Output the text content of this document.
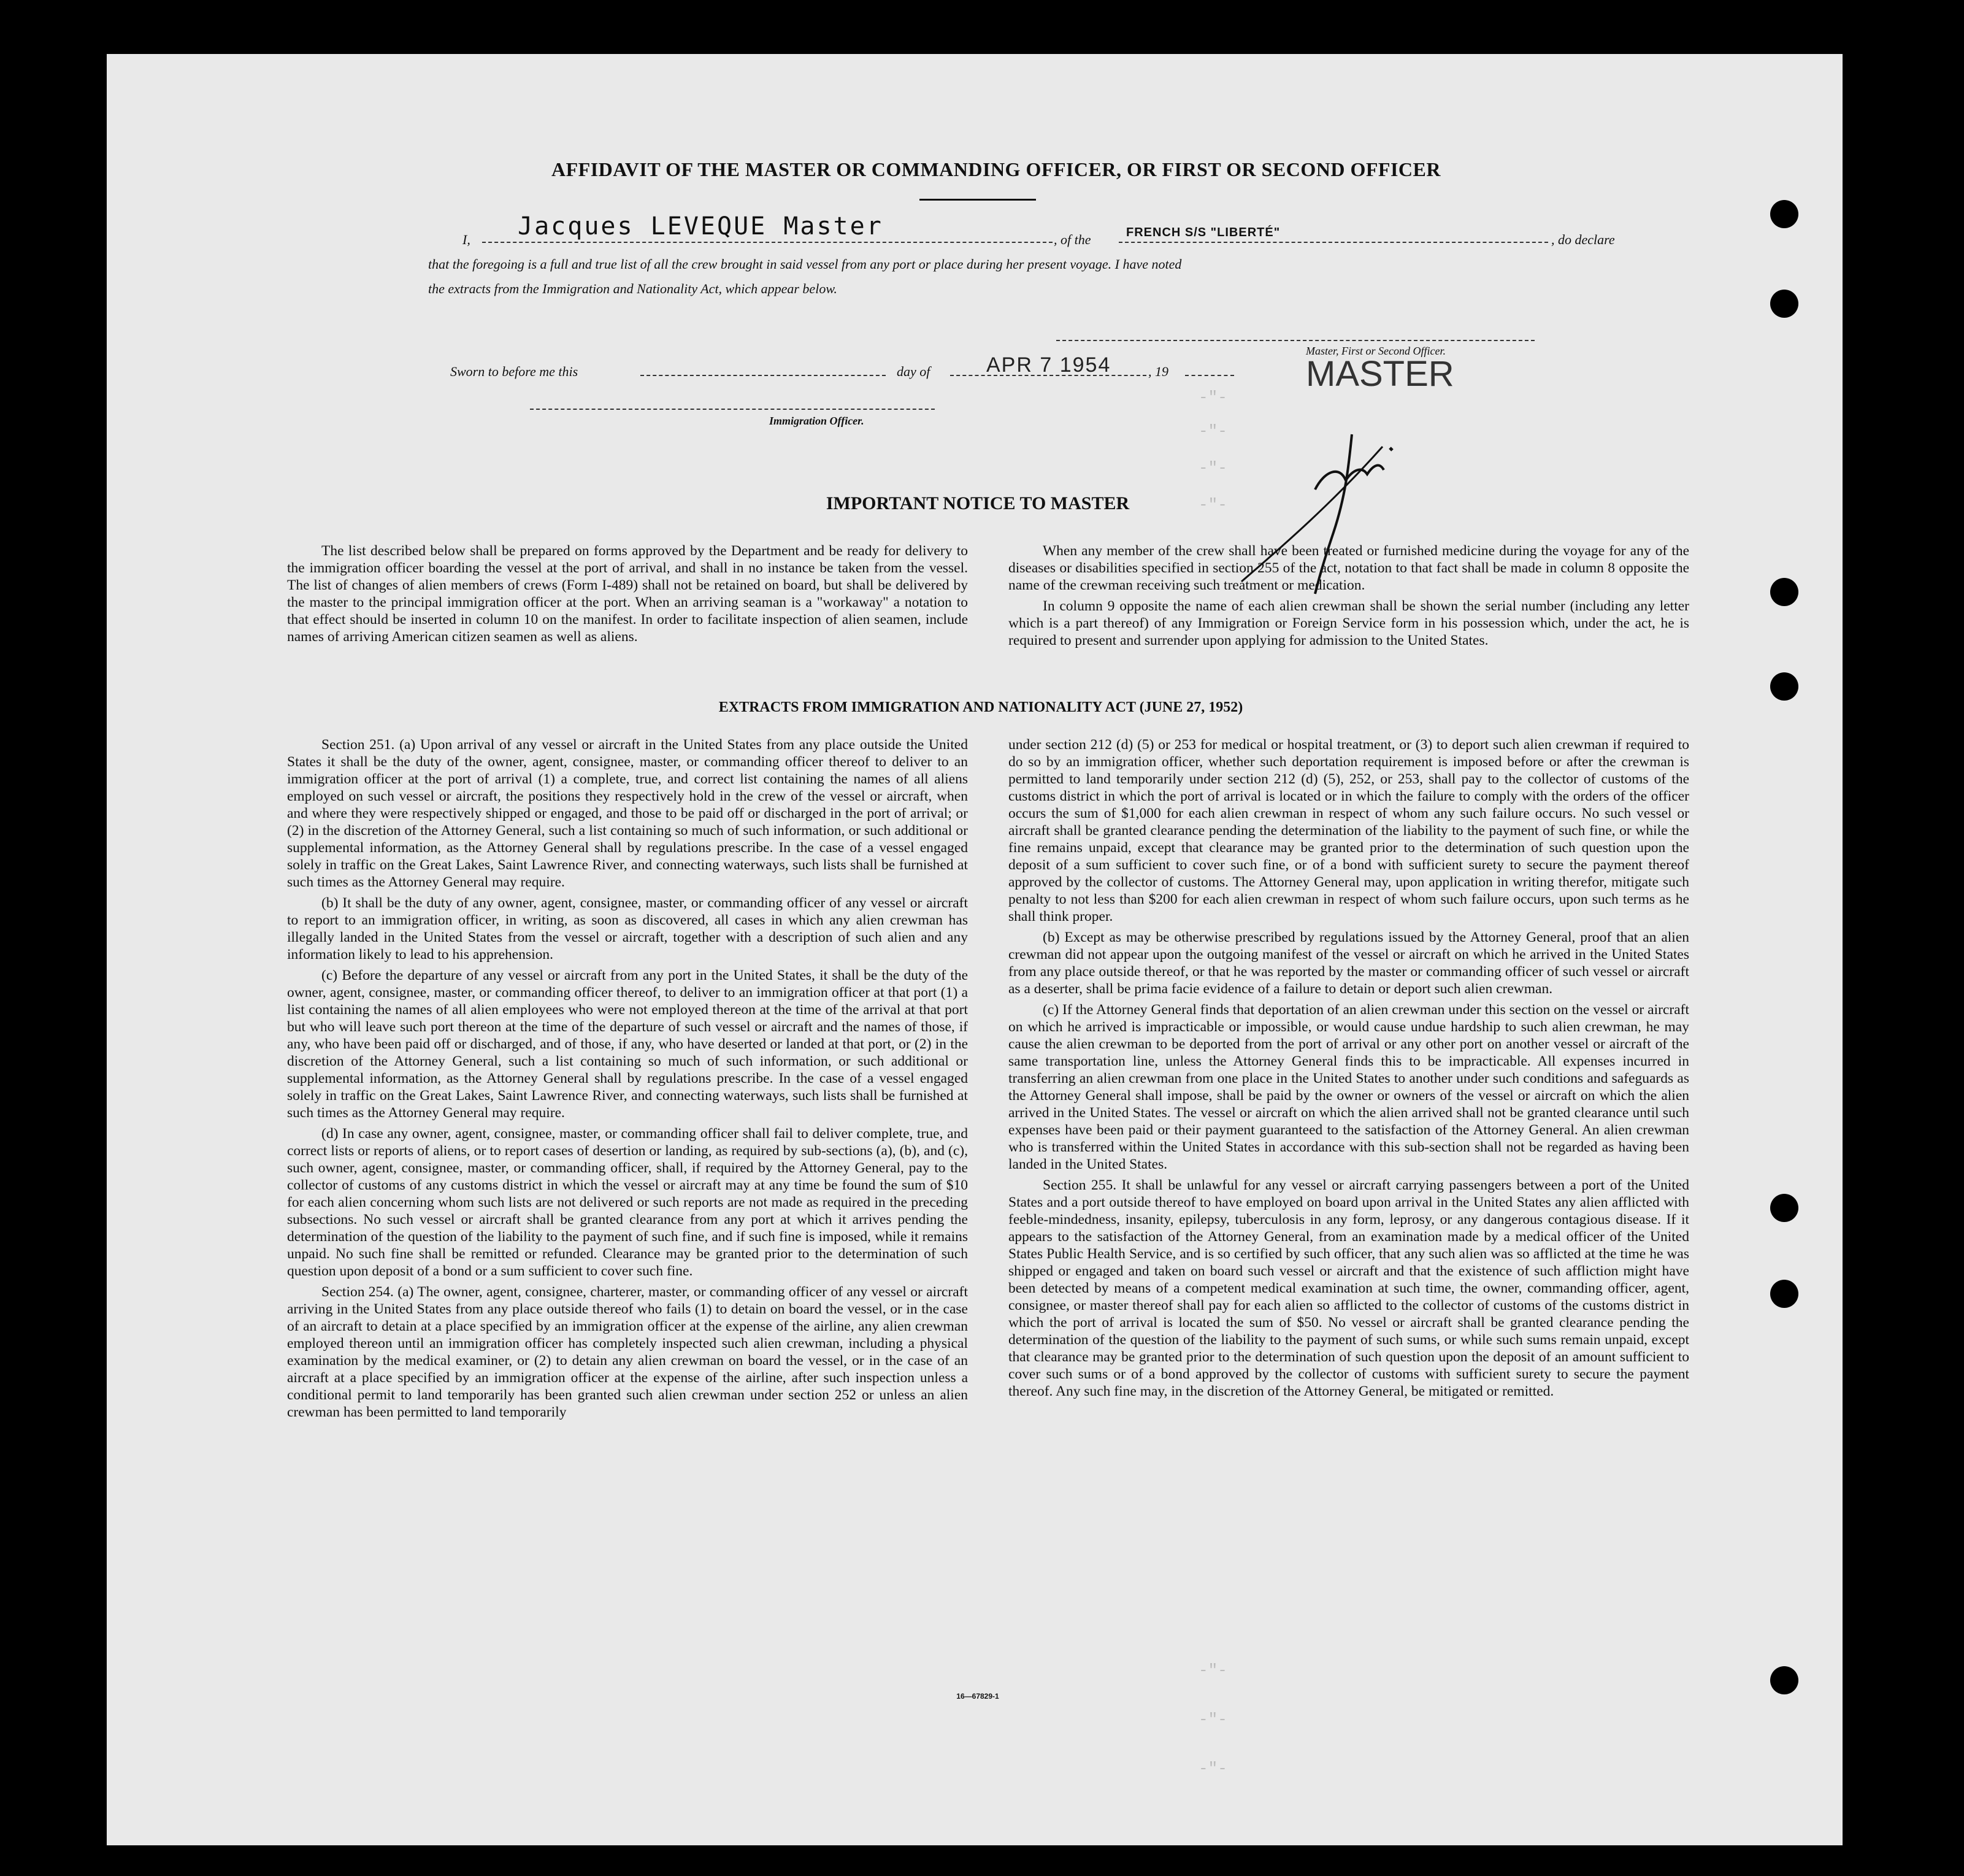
AFFIDAVIT OF THE MASTER OR COMMANDING OFFICER, OR FIRST OR SECOND OFFICER
I, Jacques LEVEQUE Master	, of the	FRENCH S/S "LIBERTÉ"	, do declare
that the foregoing is a full and true list of all the crew brought in said vessel from any port or place during her present voyage. I have noted
the extracts from the Immigration and Nationality Act, which appear below.
Sworn to before me this	day of	APR 7 1954	, 19
Master, First or Second Officer.
MASTER
Immigration Officer.
-"-
-"-
-"-
-"-
-"-
-"-
-"-
IMPORTANT NOTICE TO MASTER

The list described below shall be prepared on forms approved by the Department and be ready for delivery to the immigration officer boarding the vessel at the port of arrival, and shall in no instance be taken from the vessel. The list of changes of alien members of crews (Form I-489) shall not be retained on board, but shall be delivered by the master to the principal immigration officer at the port. When an arriving seaman is a "workaway" a notation to that effect should be inserted in column 10 on the manifest. In order to facilitate inspection of alien seamen, include names of arriving American citizen seamen as well as aliens.

When any member of the crew shall have been treated or furnished medicine during the voyage for any of the diseases or disabilities specified in section 255 of the act, notation to that fact shall be made in column 8 opposite the name of the crewman receiving such treatment or medication.

In column 9 opposite the name of each alien crewman shall be shown the serial number (including any letter which is a part thereof) of any Immigration or Foreign Service form in his possession which, under the act, he is required to present and surrender upon applying for admission to the United States.

EXTRACTS FROM IMMIGRATION AND NATIONALITY ACT (JUNE 27, 1952)

Section 251. (a) Upon arrival of any vessel or aircraft in the United States from any place outside the United States it shall be the duty of the owner, agent, consignee, master, or commanding officer thereof to deliver to an immigration officer at the port of arrival (1) a complete, true, and correct list containing the names of all aliens employed on such vessel or aircraft, the positions they respectively hold in the crew of the vessel or aircraft, when and where they were respectively shipped or engaged, and those to be paid off or discharged in the port of arrival; or (2) in the discretion of the Attorney General, such a list containing so much of such information, or such additional or supplemental information, as the Attorney General shall by regulations prescribe. In the case of a vessel engaged solely in traffic on the Great Lakes, Saint Lawrence River, and connecting waterways, such lists shall be furnished at such times as the Attorney General may require.

(b) It shall be the duty of any owner, agent, consignee, master, or commanding officer of any vessel or aircraft to report to an immigration officer, in writing, as soon as discovered, all cases in which any alien crewman has illegally landed in the United States from the vessel or aircraft, together with a description of such alien and any information likely to lead to his apprehension.

(c) Before the departure of any vessel or aircraft from any port in the United States, it shall be the duty of the owner, agent, consignee, master, or commanding officer thereof, to deliver to an immigration officer at that port (1) a list containing the names of all alien employees who were not employed thereon at the time of the arrival at that port but who will leave such port thereon at the time of the departure of such vessel or aircraft and the names of those, if any, who have been paid off or discharged, and of those, if any, who have deserted or landed at that port, or (2) in the discretion of the Attorney General, such a list containing so much of such information, or such additional or supplemental information, as the Attorney General shall by regulations prescribe. In the case of a vessel engaged solely in traffic on the Great Lakes, Saint Lawrence River, and connecting waterways, such lists shall be furnished at such times as the Attorney General may require.

(d) In case any owner, agent, consignee, master, or commanding officer shall fail to deliver complete, true, and correct lists or reports of aliens, or to report cases of desertion or landing, as required by sub-sections (a), (b), and (c), such owner, agent, consignee, master, or commanding officer, shall, if required by the Attorney General, pay to the collector of customs of any customs district in which the vessel or aircraft may at any time be found the sum of $10 for each alien concerning whom such lists are not delivered or such reports are not made as required in the preceding subsections. No such vessel or aircraft shall be granted clearance from any port at which it arrives pending the determination of the question of the liability to the payment of such fine, and if such fine is imposed, while it remains unpaid. No such fine shall be remitted or refunded. Clearance may be granted prior to the determination of such question upon deposit of a bond or a sum sufficient to cover such fine.

Section 254. (a) The owner, agent, consignee, charterer, master, or commanding officer of any vessel or aircraft arriving in the United States from any place outside thereof who fails (1) to detain on board the vessel, or in the case of an aircraft to detain at a place specified by an immigration officer at the expense of the airline, any alien crewman employed thereon until an immigration officer has completely inspected such alien crewman, including a physical examination by the medical examiner, or (2) to detain any alien crewman on board the vessel, or in the case of an aircraft at a place specified by an immigration officer at the expense of the airline, after such inspection unless a conditional permit to land temporarily has been granted such alien crewman under section 252 or unless an alien crewman has been permitted to land temporarily

under section 212 (d) (5) or 253 for medical or hospital treatment, or (3) to deport such alien crewman if required to do so by an immigration officer, whether such deportation requirement is imposed before or after the crewman is permitted to land temporarily under section 212 (d) (5), 252, or 253, shall pay to the collector of customs of the customs district in which the port of arrival is located or in which the failure to comply with the orders of the officer occurs the sum of $1,000 for each alien crewman in respect of whom any such failure occurs. No such vessel or aircraft shall be granted clearance pending the determination of the liability to the payment of such fine, or while the fine remains unpaid, except that clearance may be granted prior to the determination of such question upon the deposit of a sum sufficient to cover such fine, or of a bond with sufficient surety to secure the payment thereof approved by the collector of customs. The Attorney General may, upon application in writing therefor, mitigate such penalty to not less than $200 for each alien crewman in respect of whom such failure occurs, upon such terms as he shall think proper.

(b) Except as may be otherwise prescribed by regulations issued by the Attorney General, proof that an alien crewman did not appear upon the outgoing manifest of the vessel or aircraft on which he arrived in the United States from any place outside thereof, or that he was reported by the master or commanding officer of such vessel or aircraft as a deserter, shall be prima facie evidence of a failure to detain or deport such alien crewman.

(c) If the Attorney General finds that deportation of an alien crewman under this section on the vessel or aircraft on which he arrived is impracticable or impossible, or would cause undue hardship to such alien crewman, he may cause the alien crewman to be deported from the port of arrival or any other port on another vessel or aircraft of the same transportation line, unless the Attorney General finds this to be impracticable. All expenses incurred in transferring an alien crewman from one place in the United States to another under such conditions and safeguards as the Attorney General shall impose, shall be paid by the owner or owners of the vessel or aircraft on which the alien arrived in the United States. The vessel or aircraft on which the alien arrived shall not be granted clearance until such expenses have been paid or their payment guaranteed to the satisfaction of the Attorney General. An alien crewman who is transferred within the United States in accordance with this sub-section shall not be regarded as having been landed in the United States.

Section 255. It shall be unlawful for any vessel or aircraft carrying passengers between a port of the United States and a port outside thereof to have employed on board upon arrival in the United States any alien afflicted with feeble-mindedness, insanity, epilepsy, tuberculosis in any form, leprosy, or any dangerous contagious disease. If it appears to the satisfaction of the Attorney General, from an examination made by a medical officer of the United States Public Health Service, and is so certified by such officer, that any such alien was so afflicted at the time he was shipped or engaged and taken on board such vessel or aircraft and that the existence of such affliction might have been detected by means of a competent medical examination at such time, the owner, commanding officer, agent, consignee, or master thereof shall pay for each alien so afflicted to the collector of customs of the customs district in which the port of arrival is located the sum of $50. No vessel or aircraft shall be granted clearance pending the determination of the question of the liability to the payment of such sums, or while such sums remain unpaid, except that clearance may be granted prior to the determination of such question upon the deposit of an amount sufficient to cover such sums or of a bond approved by the collector of customs with sufficient surety to secure the payment thereof. Any such fine may, in the discretion of the Attorney General, be mitigated or remitted.

16—67829-1
